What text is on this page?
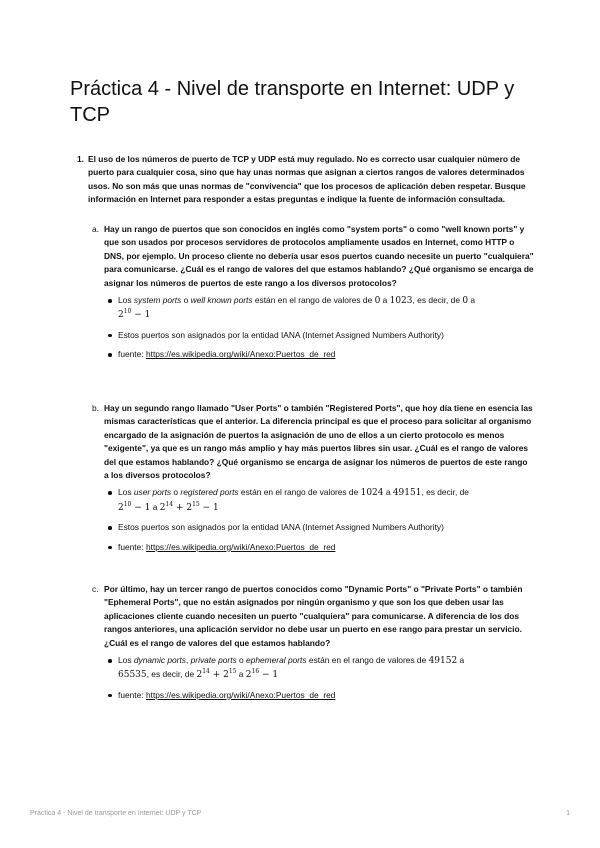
Práctica 4 - Nivel de transporte en Internet: UDP y TCP
1. El uso de los números de puerto de TCP y UDP está muy regulado. No es correcto usar cualquier número de puerto para cualquier cosa, sino que hay unas normas que asignan a ciertos rangos de valores determinados usos. No son más que unas normas de "convivencia" que los procesos de aplicación deben respetar. Busque información en Internet para responder a estas preguntas e indique la fuente de información consultada.
a. Hay un rango de puertos que son conocidos en inglés como "system ports" o como "well known ports" y que son usados por procesos servidores de protocolos ampliamente usados en Internet, como HTTP o DNS, por ejemplo. Un proceso cliente no debería usar esos puertos cuando necesite un puerto "cualquiera" para comunicarse. ¿Cuál es el rango de valores del que estamos hablando? ¿Qué organismo se encarga de asignar los números de puertos de este rango a los diversos protocolos?
Los system ports o well known ports están en el rango de valores de 0 a 1023, es decir, de 0 a
$2^{10} - 1$
Estos puertos son asignados por la entidad IANA (Internet Assigned Numbers Authority)
fuente: https://es.wikipedia.org/wiki/Anexo:Puertos_de_red
b. Hay un segundo rango llamado "User Ports" o también "Registered Ports", que hoy día tiene en esencia las mismas características que el anterior. La diferencia principal es que el proceso para solicitar al organismo encargado de la asignación de puertos la asignación de uno de ellos a un cierto protocolo es menos "exigente", ya que es un rango más amplio y hay más puertos libres sin usar. ¿Cuál es el rango de valores del que estamos hablando? ¿Qué organismo se encarga de asignar los números de puertos de este rango a los diversos protocolos?
Los user ports o registered ports están en el rango de valores de 1024 a 49151, es decir, de
$2^{10} - 1$ a $2^{14} + 2^{15} - 1$
Estos puertos son asignados por la entidad IANA (Internet Assigned Numbers Authority)
fuente: https://es.wikipedia.org/wiki/Anexo:Puertos_de_red
c. Por último, hay un tercer rango de puertos conocidos como "Dynamic Ports" o "Private Ports" o también "Ephemeral Ports", que no están asignados por ningún organismo y que son los que deben usar las aplicaciones cliente cuando necesiten un puerto "cualquiera" para comunicarse. A diferencia de los dos rangos anteriores, una aplicación servidor no debe usar un puerto en ese rango para prestar un servicio. ¿Cuál es el rango de valores del que estamos hablando?
Los dynamic ports, private ports o ephemeral ports están en el rango de valores de 49152 a
65535, es decir, de $2^{14} + 2^{15}$ a $2^{16} - 1$
fuente: https://es.wikipedia.org/wiki/Anexo:Puertos_de_red
Práctica 4 - Nivel de transporte en Internet: UDP y TCP	1
